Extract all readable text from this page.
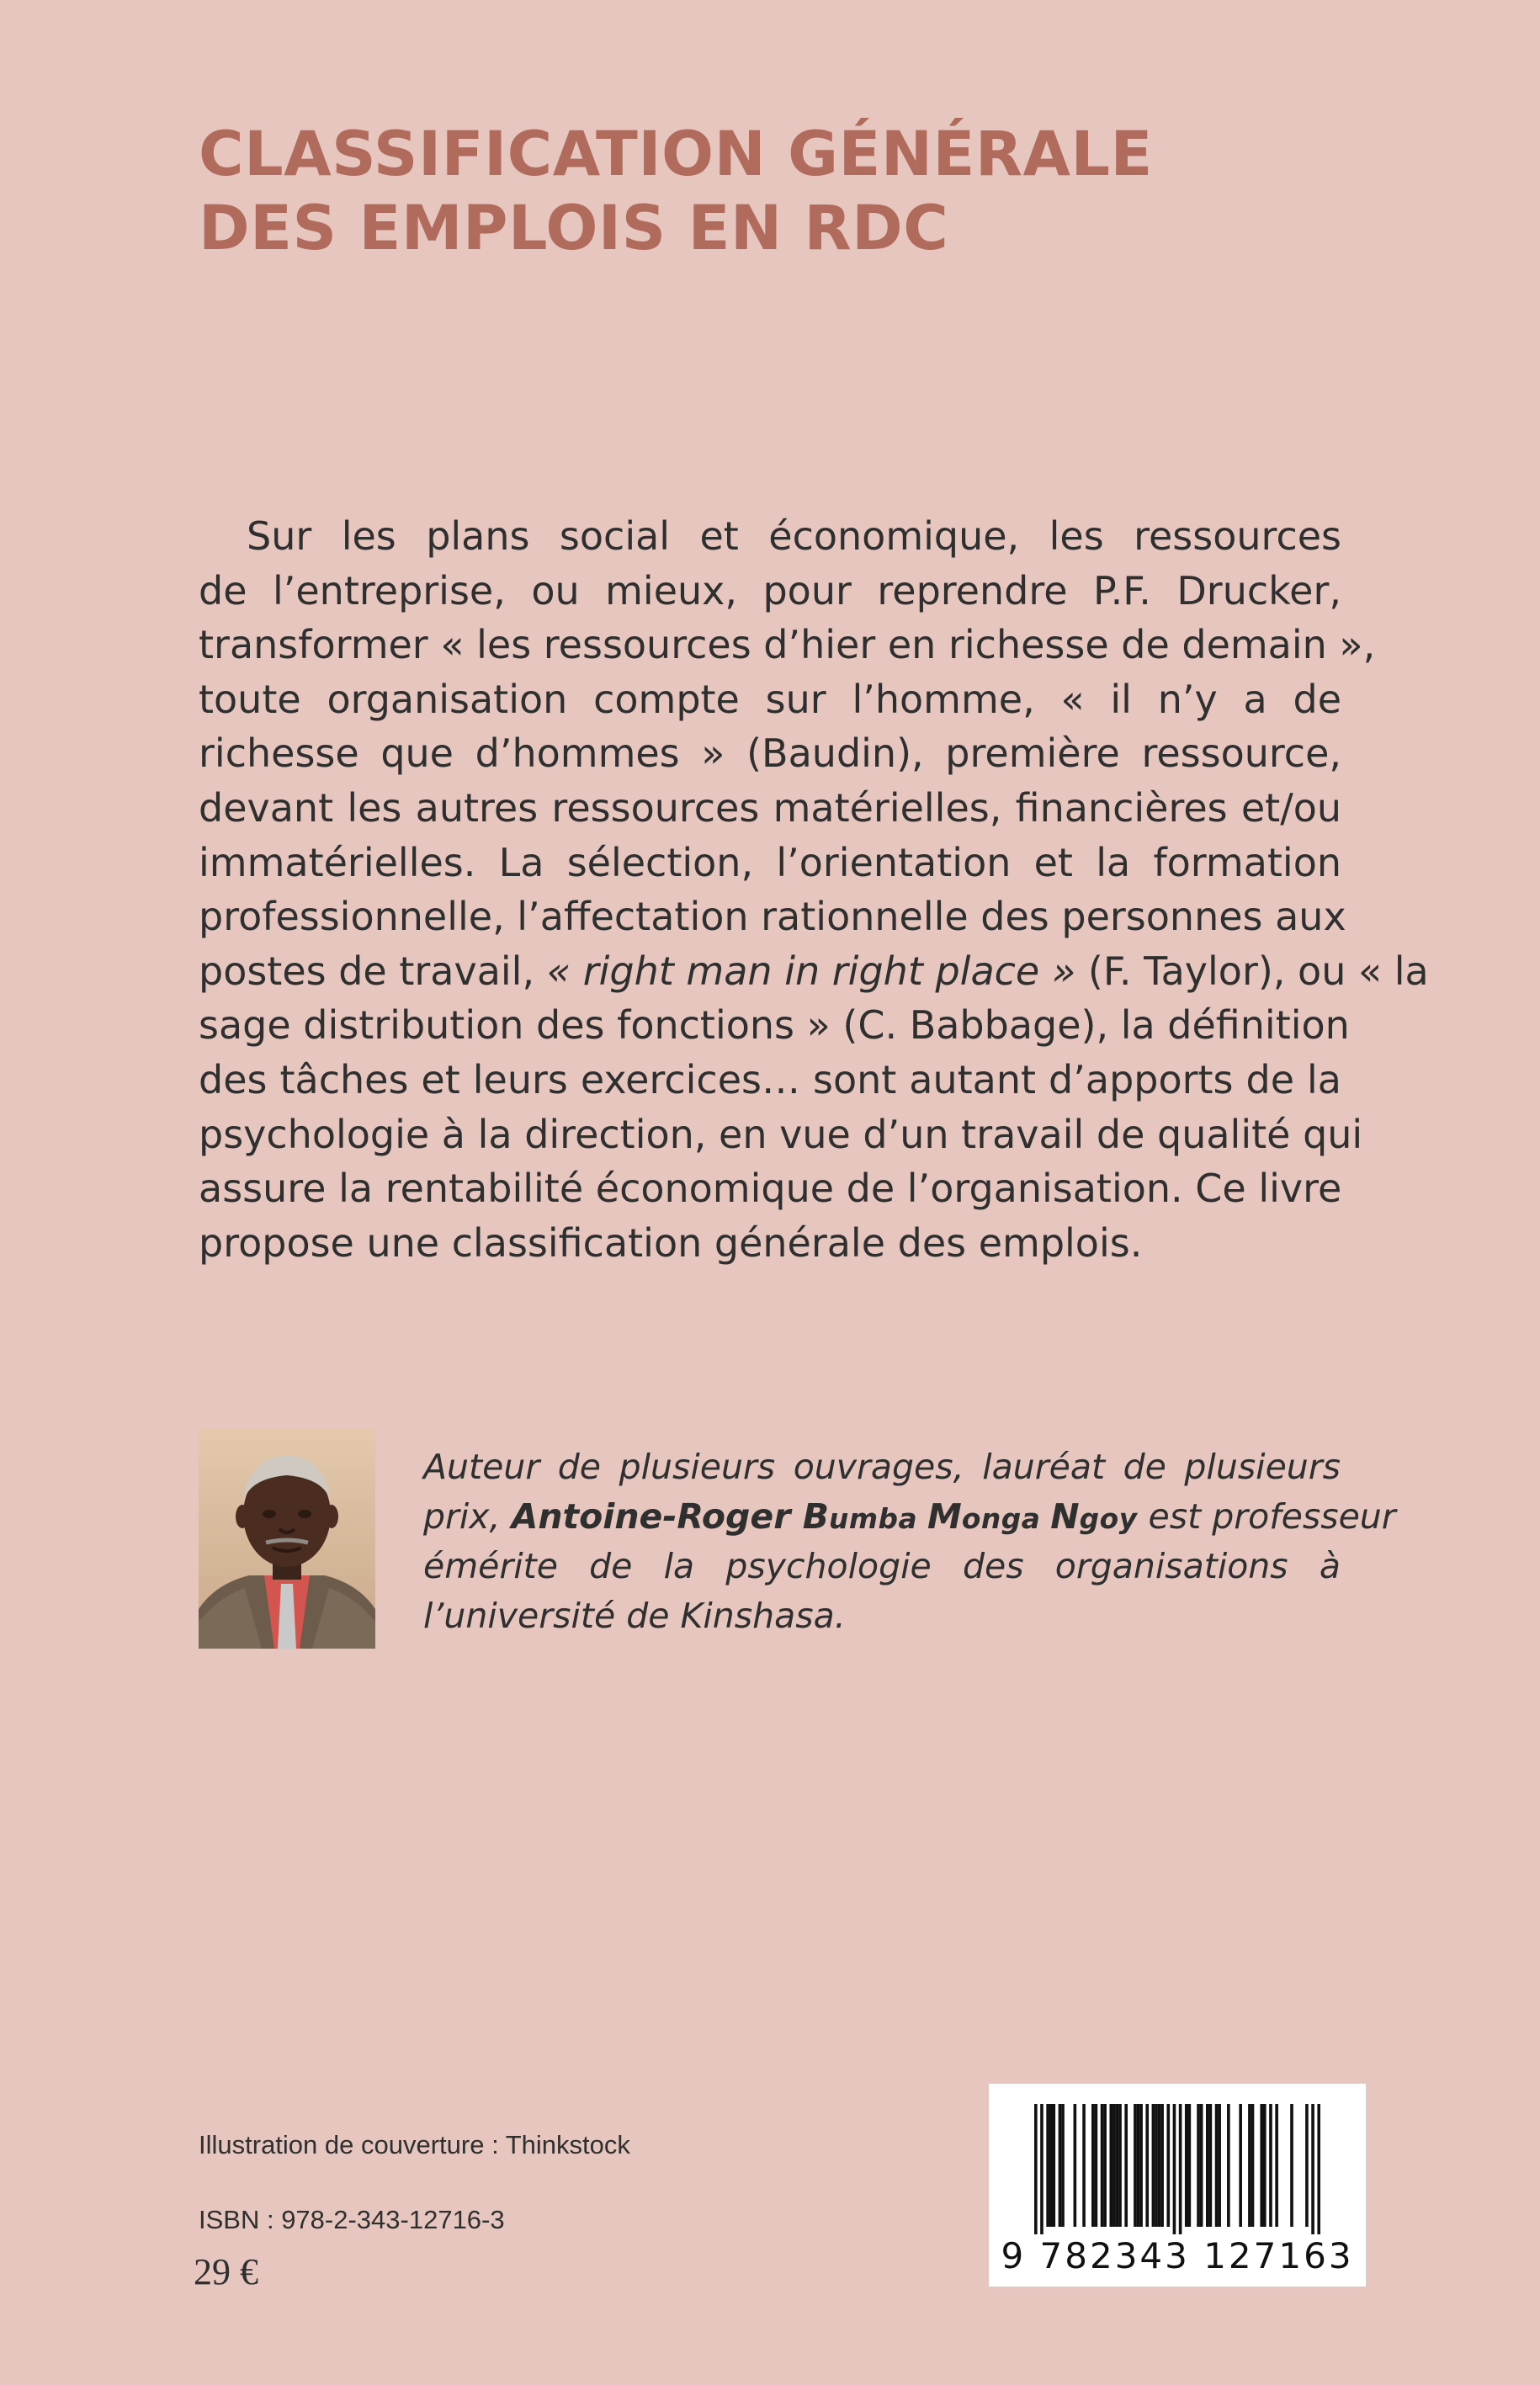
CLASSIFICATION GÉNÉRALE
DES EMPLOIS EN RDC
Sur les plans social et économique, les ressources
de l’entreprise, ou mieux, pour reprendre P.F. Drucker,
transformer « les ressources d’hier en richesse de demain »,
toute organisation compte sur l’homme, « il n’y a de
richesse que d’hommes » (Baudin), première ressource,
devant les autres ressources matérielles, financières et/ou
immatérielles. La sélection, l’orientation et la formation
professionnelle, l’affectation rationnelle des personnes aux
postes de travail, « right man in right place » (F. Taylor), ou « la
sage distribution des fonctions » (C. Babbage), la définition
des tâches et leurs exercices… sont autant d’apports de la
psychologie à la direction, en vue d’un travail de qualité qui
assure la rentabilité économique de l’organisation. Ce livre
propose une classification générale des emplois.
Auteur de plusieurs ouvrages, lauréat de plusieurs
prix, Antoine-Roger Bumba Monga Ngoy est professeur
émérite de la psychologie des organisations à
l’université de Kinshasa.
Illustration de couverture : Thinkstock
ISBN : 978-2-343-12716-3
29 €	9 782343 127163
